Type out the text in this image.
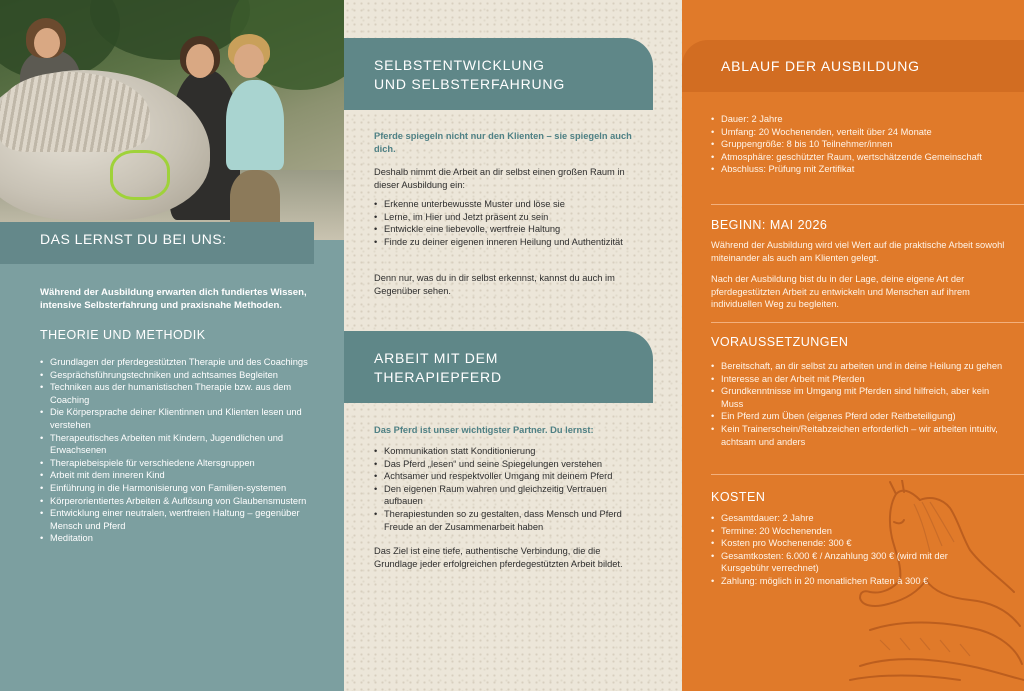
DAS LERNST DU BEI UNS:
Während der Ausbildung erwarten dich fundiertes Wissen, intensive Selbsterfahrung und praxisnahe Methoden.
THEORIE UND METHODIK
• Grundlagen der pferdegestützten Therapie und des Coachings
• Gesprächsführungstechniken und achtsames Begleiten
• Techniken aus der humanistischen Therapie bzw. aus dem Coaching
• Die Körpersprache deiner Klientinnen und Klienten lesen und verstehen
• Therapeutisches Arbeiten mit Kindern, Jugendlichen und Erwachsenen
• Therapiebeispiele für verschiedene Altersgruppen
• Arbeit mit dem inneren Kind
• Einführung in die Harmonisierung von Familien-systemen
• Körperorientiertes Arbeiten & Auflösung von Glaubensmustern
• Entwicklung einer neutralen, wertfreien Haltung – gegenüber Mensch und Pferd
• Meditation
SELBSTENTWICKLUNG
UND SELBSTERFAHRUNG
Pferde spiegeln nicht nur den Klienten – sie spiegeln auch dich.
Deshalb nimmt die Arbeit an dir selbst einen großen Raum in dieser Ausbildung ein:
• Erkenne unterbewusste Muster und löse sie
• Lerne, im Hier und Jetzt präsent zu sein
• Entwickle eine liebevolle, wertfreie Haltung
• Finde zu deiner eigenen inneren Heilung und Authentizität
Denn nur, was du in dir selbst erkennst, kannst du auch im Gegenüber sehen.
ARBEIT MIT DEM
THERAPIEPFERD
Das Pferd ist unser wichtigster Partner. Du lernst:
• Kommunikation statt Konditionierung
• Das Pferd „lesen“ und seine Spiegelungen verstehen
• Achtsamer und respektvoller Umgang mit deinem Pferd
• Den eigenen Raum wahren und gleichzeitig Vertrauen aufbauen
• Therapiestunden so zu gestalten, dass Mensch und Pferd Freude an der Zusammenarbeit haben
Das Ziel ist eine tiefe, authentische Verbindung, die die Grundlage jeder erfolgreichen pferdegestützten Arbeit bildet.
ABLAUF DER AUSBILDUNG
• Dauer: 2 Jahre
• Umfang: 20 Wochenenden, verteilt über 24 Monate
• Gruppengröße: 8 bis 10 Teilnehmer/innen
• Atmosphäre: geschützter Raum, wertschätzende Gemeinschaft
• Abschluss: Prüfung mit Zertifikat
BEGINN: MAI 2026
Während der Ausbildung wird viel Wert auf die praktische Arbeit sowohl miteinander als auch am Klienten gelegt.
Nach der Ausbildung bist du in der Lage, deine eigene Art der pferdegestützten Arbeit zu entwickeln und Menschen auf ihrem individuellen Weg zu begleiten.
VORAUSSETZUNGEN
• Bereitschaft, an dir selbst zu arbeiten und in deine Heilung zu gehen
• Interesse an der Arbeit mit Pferden
• Grundkenntnisse im Umgang mit Pferden sind hilfreich, aber kein Muss
• Ein Pferd zum Üben (eigenes Pferd oder Reitbeteiligung)
• Kein Trainerschein/Reitabzeichen erforderlich – wir arbeiten intuitiv, achtsam und anders
KOSTEN
• Gesamtdauer: 2 Jahre
• Termine: 20 Wochenenden
• Kosten pro Wochenende: 300 €
• Gesamtkosten: 6.000 € / Anzahlung 300 € (wird mit der Kursgebühr verrechnet)
• Zahlung: möglich in 20 monatlichen Raten à 300 €
